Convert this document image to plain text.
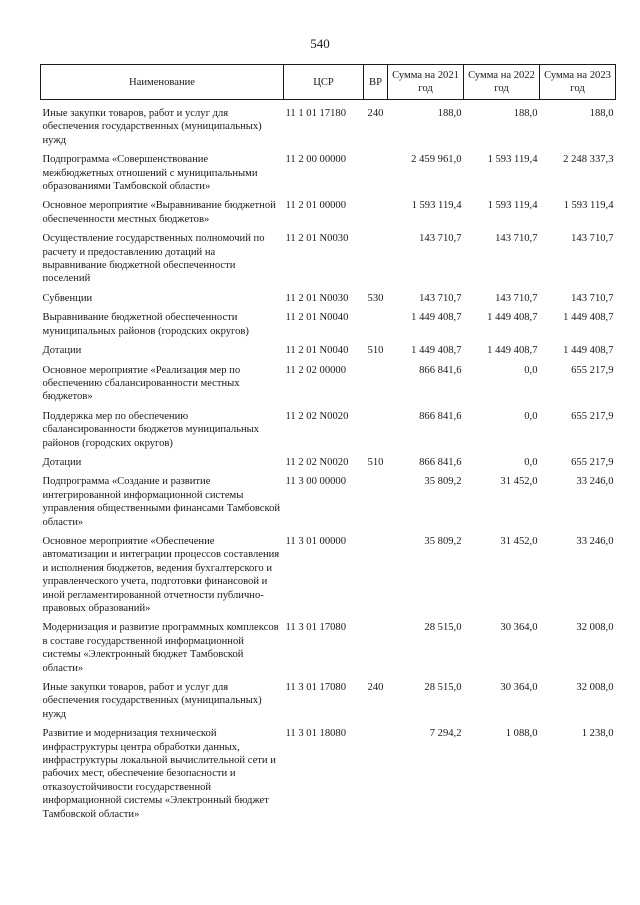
540
Наименование	ЦСР	ВР	Сумма на 2021 год	Сумма на 2022 год	Сумма на 2023 год
Иные закупки товаров, работ и услуг для обеспечения государственных (муниципальных) нужд	11 1 01 17180	240	188,0	188,0	188,0
Подпрограмма «Совершенствование межбюджетных отношений с муниципальными образованиями Тамбовской области»	11 2 00 00000		2 459 961,0	1 593 119,4	2 248 337,3
Основное мероприятие «Выравнивание бюджетной обеспеченности местных бюджетов»	11 2 01 00000		1 593 119,4	1 593 119,4	1 593 119,4
Осуществление государственных полномочий по расчету и предоставлению дотаций на выравнивание бюджетной обеспеченности поселений	11 2 01 N0030		143 710,7	143 710,7	143 710,7
Субвенции	11 2 01 N0030	530	143 710,7	143 710,7	143 710,7
Выравнивание бюджетной обеспеченности муниципальных районов (городских округов)	11 2 01 N0040		1 449 408,7	1 449 408,7	1 449 408,7
Дотации	11 2 01 N0040	510	1 449 408,7	1 449 408,7	1 449 408,7
Основное мероприятие «Реализация мер по обеспечению сбалансированности местных бюджетов»	11 2 02 00000		866 841,6	0,0	655 217,9
Поддержка мер по обеспечению сбалансированности бюджетов муниципальных районов (городских округов)	11 2 02 N0020		866 841,6	0,0	655 217,9
Дотации	11 2 02 N0020	510	866 841,6	0,0	655 217,9
Подпрограмма «Создание и развитие интегрированной информационной системы управления общественными финансами Тамбовской области»	11 3 00 00000		35 809,2	31 452,0	33 246,0
Основное мероприятие «Обеспечение автоматизации и интеграции процессов составления и исполнения бюджетов, ведения бухгалтерского и управленческого учета, подготовки финансовой и иной регламентированной отчетности публично-правовых образований»	11 3 01 00000		35 809,2	31 452,0	33 246,0
Модернизация и развитие программных комплексов в составе государственной информационной системы «Электронный бюджет Тамбовской области»	11 3 01 17080		28 515,0	30 364,0	32 008,0
Иные закупки товаров, работ и услуг для обеспечения государственных (муниципальных) нужд	11 3 01 17080	240	28 515,0	30 364,0	32 008,0
Развитие и модернизация технической инфраструктуры центра обработки данных, инфраструктуры локальной вычислительной сети и рабочих мест, обеспечение безопасности и отказоустойчивости государственной информационной системы «Электронный бюджет Тамбовской области»	11 3 01 18080		7 294,2	1 088,0	1 238,0
